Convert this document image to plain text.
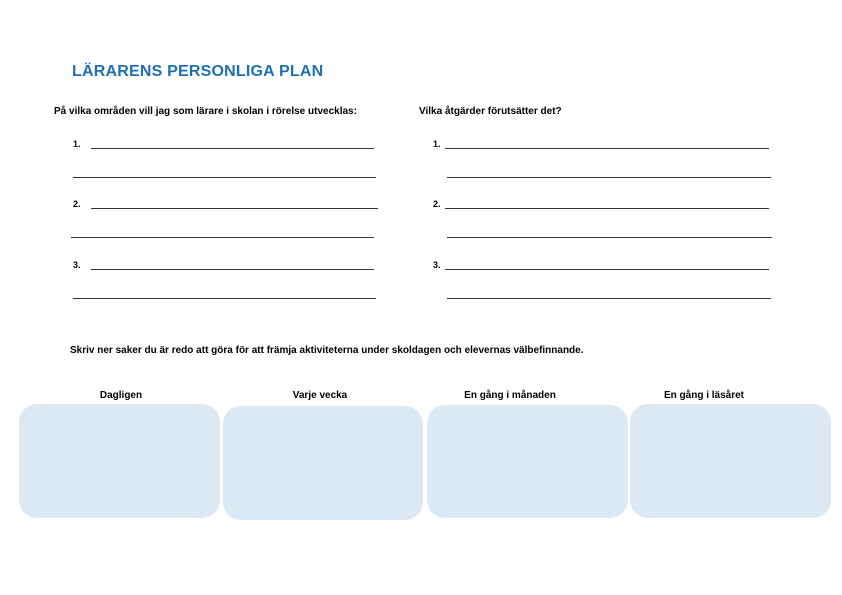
LÄRARENS PERSONLIGA PLAN
På vilka områden vill jag som lärare i skolan i rörelse utvecklas:
1.
2.
3.
Vilka åtgärder förutsätter det?
1.
2.
3.
Skriv ner saker du är redo att göra för att främja aktiviteterna under skoldagen och elevernas välbefinnande.
Dagligen	Varje vecka	En gång i månaden	En gång i läsåret
